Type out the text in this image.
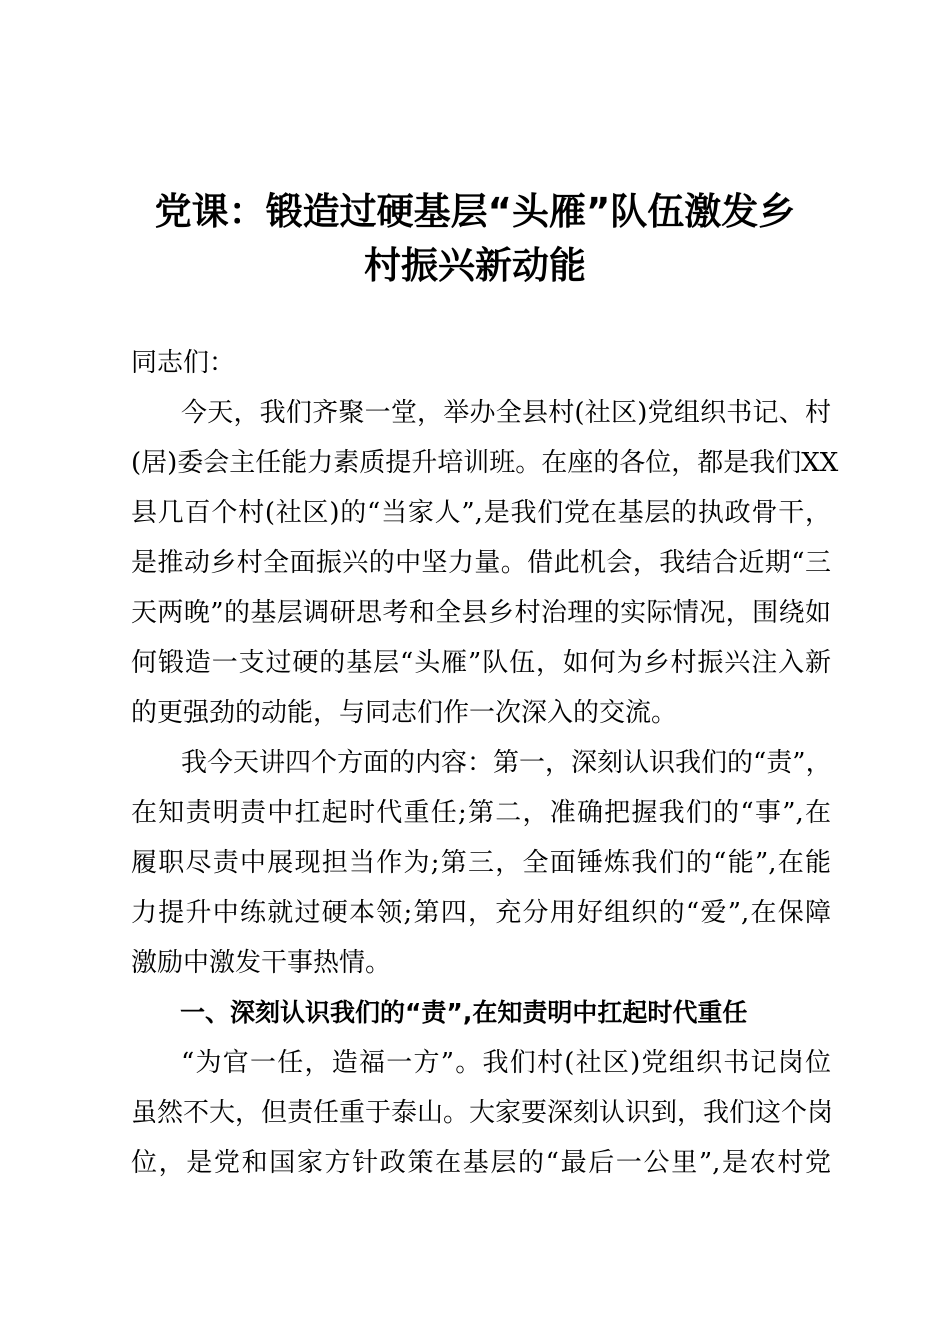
党课：锻造过硬基层“头雁”队伍激发乡
村振兴新动能
同志们：
今天，我们齐聚一堂，举办全县村(社区)党组织书记、村
(居)委会主任能力素质提升培训班。在座的各位，都是我们XX
县几百个村(社区)的“当家人”,是我们党在基层的执政骨干，
是推动乡村全面振兴的中坚力量。借此机会，我结合近期“三
天两晚”的基层调研思考和全县乡村治理的实际情况，围绕如
何锻造一支过硬的基层“头雁”队伍，如何为乡村振兴注入新
的更强劲的动能，与同志们作一次深入的交流。
我今天讲四个方面的内容：第一，深刻认识我们的“责”，
在知责明责中扛起时代重任;第二，准确把握我们的“事”,在
履职尽责中展现担当作为;第三，全面锤炼我们的“能”,在能
力提升中练就过硬本领;第四，充分用好组织的“爱”,在保障
激励中激发干事热情。
一、深刻认识我们的“责”,在知责明中扛起时代重任
“为官一任，造福一方”。我们村(社区)党组织书记岗位
虽然不大，但责任重于泰山。大家要深刻认识到，我们这个岗
位，是党和国家方针政策在基层的“最后一公里”,是农村党
